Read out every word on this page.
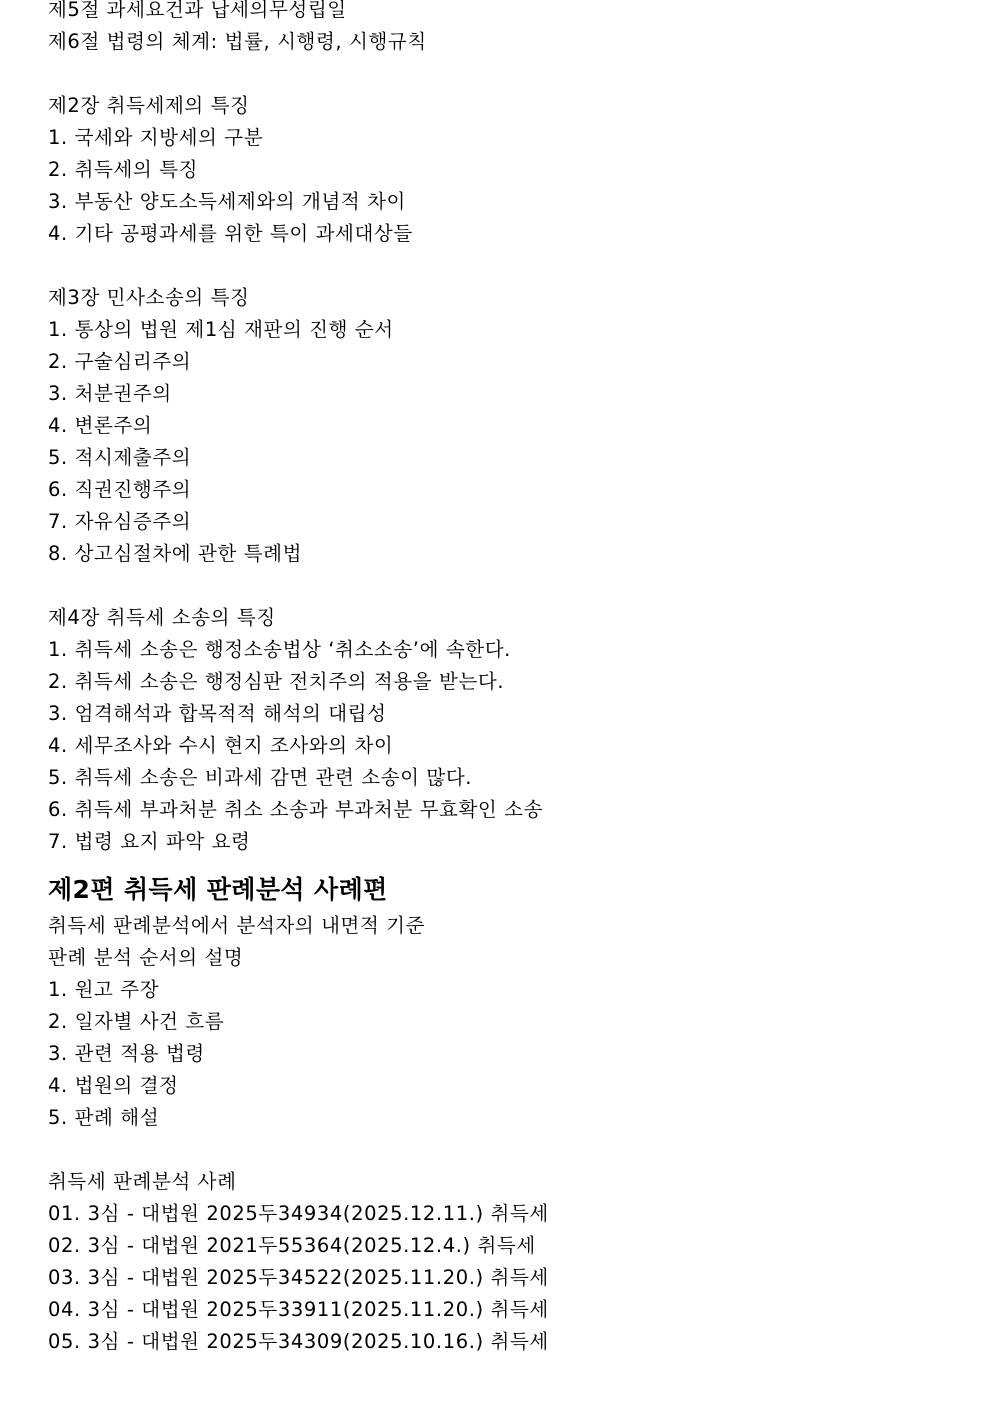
제5절 과세요건과 납세의무성립일
제6절 법령의 체계: 법률, 시행령, 시행규칙
제2장 취득세제의 특징
1. 국세와 지방세의 구분
2. 취득세의 특징
3. 부동산 양도소득세제와의 개념적 차이
4. 기타 공평과세를 위한 특이 과세대상들
제3장 민사소송의 특징
1. 통상의 법원 제1심 재판의 진행 순서
2. 구술심리주의
3. 처분권주의
4. 변론주의
5. 적시제출주의
6. 직권진행주의
7. 자유심증주의
8. 상고심절차에 관한 특례법
제4장 취득세 소송의 특징
1. 취득세 소송은 행정소송법상 ‘취소소송’에 속한다.
2. 취득세 소송은 행정심판 전치주의 적용을 받는다.
3. 엄격해석과 합목적적 해석의 대립성
4. 세무조사와 수시 현지 조사와의 차이
5. 취득세 소송은 비과세 감면 관련 소송이 많다.
6. 취득세 부과처분 취소 소송과 부과처분 무효확인 소송
7. 법령 요지 파악 요령
제2편 취득세 판례분석 사례편
취득세 판례분석에서 분석자의 내면적 기준
판례 분석 순서의 설명
1. 원고 주장
2. 일자별 사건 흐름
3. 관련 적용 법령
4. 법원의 결정
5. 판례 해설
취득세 판례분석 사례
01. 3심 - 대법원 2025두34934(2025.12.11.) 취득세
02. 3심 - 대법원 2021두55364(2025.12.4.) 취득세
03. 3심 - 대법원 2025두34522(2025.11.20.) 취득세
04. 3심 - 대법원 2025두33911(2025.11.20.) 취득세
05. 3심 - 대법원 2025두34309(2025.10.16.) 취득세
